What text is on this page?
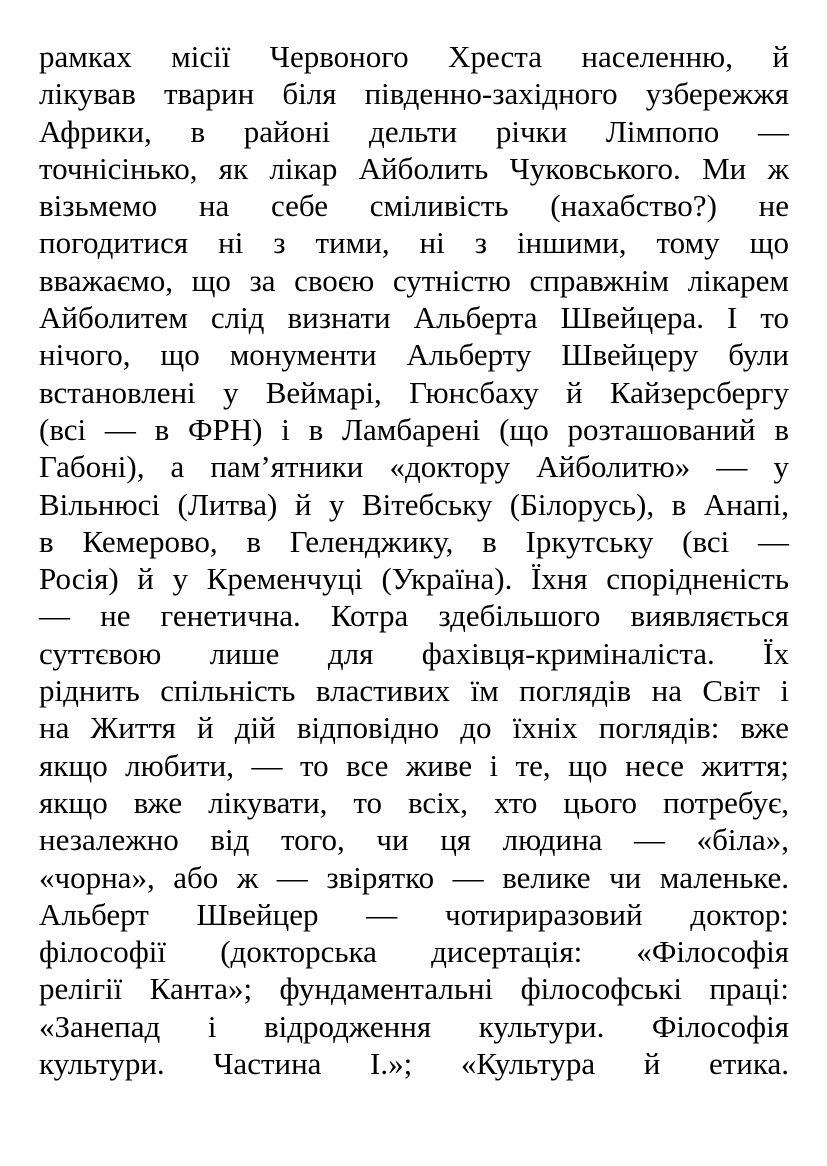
рамках місії Червоного Хреста населенню, й
лікував тварин біля південно-західного узбережжя
Африки, в районі дельти річки Лімпопо —
точнісінько, як лікар Айболить Чуковського. Ми ж
візьмемо на себе сміливість (нахабство?) не
погодитися ні з тими, ні з іншими, тому що
вважаємо, що за своєю сутністю справжнім лікарем
Айболитем слід визнати Альберта Швейцера. І то
нічого, що монументи Альберту Швейцеру були
встановлені у Веймарі, Гюнсбаху й Кайзерсбергу
(всі — в ФРН) і в Ламбарені (що розташований в
Габоні), а пам’ятники «доктору Айболитю» — у
Вільнюсі (Литва) й у Вітебську (Білорусь), в Анапі,
в Кемерово, в Геленджику, в Іркутську (всі —
Росія) й у Кременчуці (Україна). Їхня спорідненість
— не генетична. Котра здебільшого виявляється
суттєвою лише для фахівця-криміналіста. Їх
ріднить спільність властивих їм поглядів на Світ і
на Життя й дій відповідно до їхніх поглядів: вже
якщо любити, — то все живе і те, що несе життя;
якщо вже лікувати, то всіх, хто цього потребує,
незалежно від того, чи ця людина — «біла»,
«чорна», або ж — звірятко — велике чи маленьке.
Альберт Швейцер — чотириразовий доктор:
філософії (докторська дисертація: «Філософія
релігії Канта»; фундаментальні філософські праці:
«Занепад і відродження культури. Філософія
культури. Частина І.»; «Культура й етика.
